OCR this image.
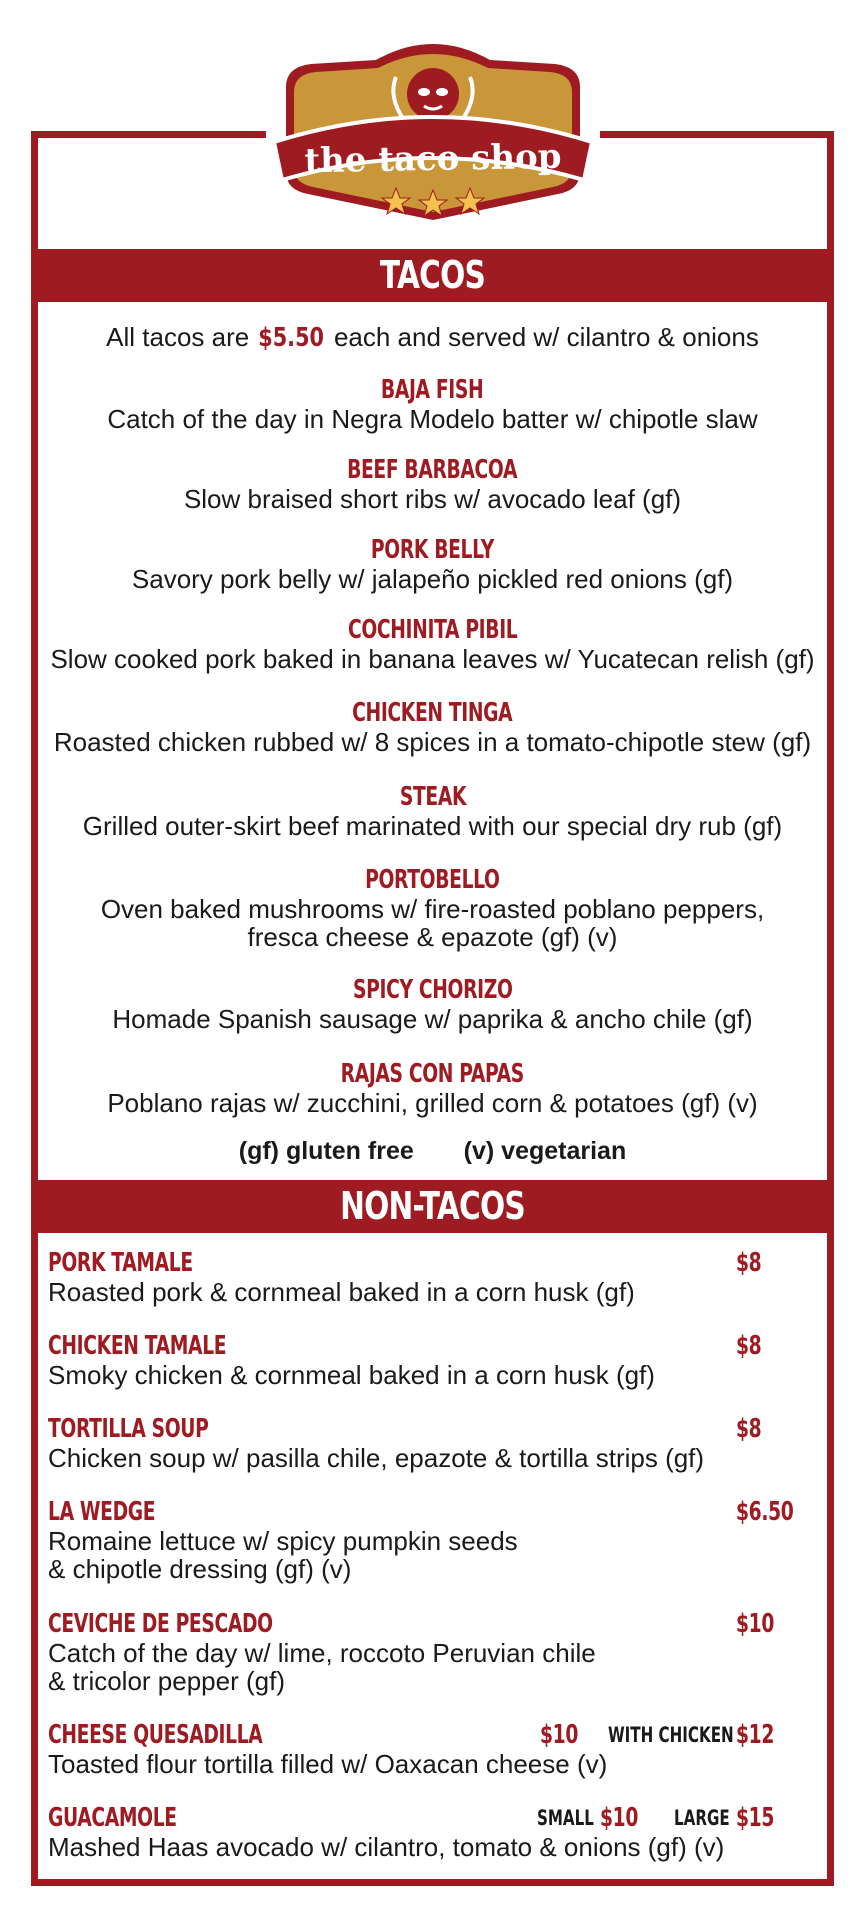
the taco shop
TACOS
All tacos are $5.50 each and served w/ cilantro & onions
BAJA FISH
Catch of the day in Negra Modelo batter w/ chipotle slaw
BEEF BARBACOA
Slow braised short ribs w/ avocado leaf (gf)
PORK BELLY
Savory pork belly w/ jalapeño pickled red onions (gf)
COCHINITA PIBIL
Slow cooked pork baked in banana leaves w/ Yucatecan relish (gf)
CHICKEN TINGA
Roasted chicken rubbed w/ 8 spices in a tomato-chipotle stew (gf)
STEAK
Grilled outer-skirt beef marinated with our special dry rub (gf)
PORTOBELLO
Oven baked mushrooms w/ fire-roasted poblano peppers,
fresca cheese & epazote (gf) (v)
SPICY CHORIZO
Homade Spanish sausage w/ paprika & ancho chile (gf)
RAJAS CON PAPAS
Poblano rajas w/ zucchini, grilled corn & potatoes (gf) (v)
(gf) gluten free (v) vegetarian
NON-TACOS
PORK TAMALE	$8
Roasted pork & cornmeal baked in a corn husk (gf)
CHICKEN TAMALE	$8
Smoky chicken & cornmeal baked in a corn husk (gf)
TORTILLA SOUP	$8
Chicken soup w/ pasilla chile, epazote & tortilla strips (gf)
LA WEDGE	$6.50
Romaine lettuce w/ spicy pumpkin seeds
& chipotle dressing (gf) (v)
CEVICHE DE PESCADO	$10
Catch of the day w/ lime, roccoto Peruvian chile
& tricolor pepper (gf)
CHEESE QUESADILLA	$10 WITH CHICKEN $12
Toasted flour tortilla filled w/ Oaxacan cheese (v)
GUACAMOLE	SMALL $10 LARGE $15
Mashed Haas avocado w/ cilantro, tomato & onions (gf) (v)
